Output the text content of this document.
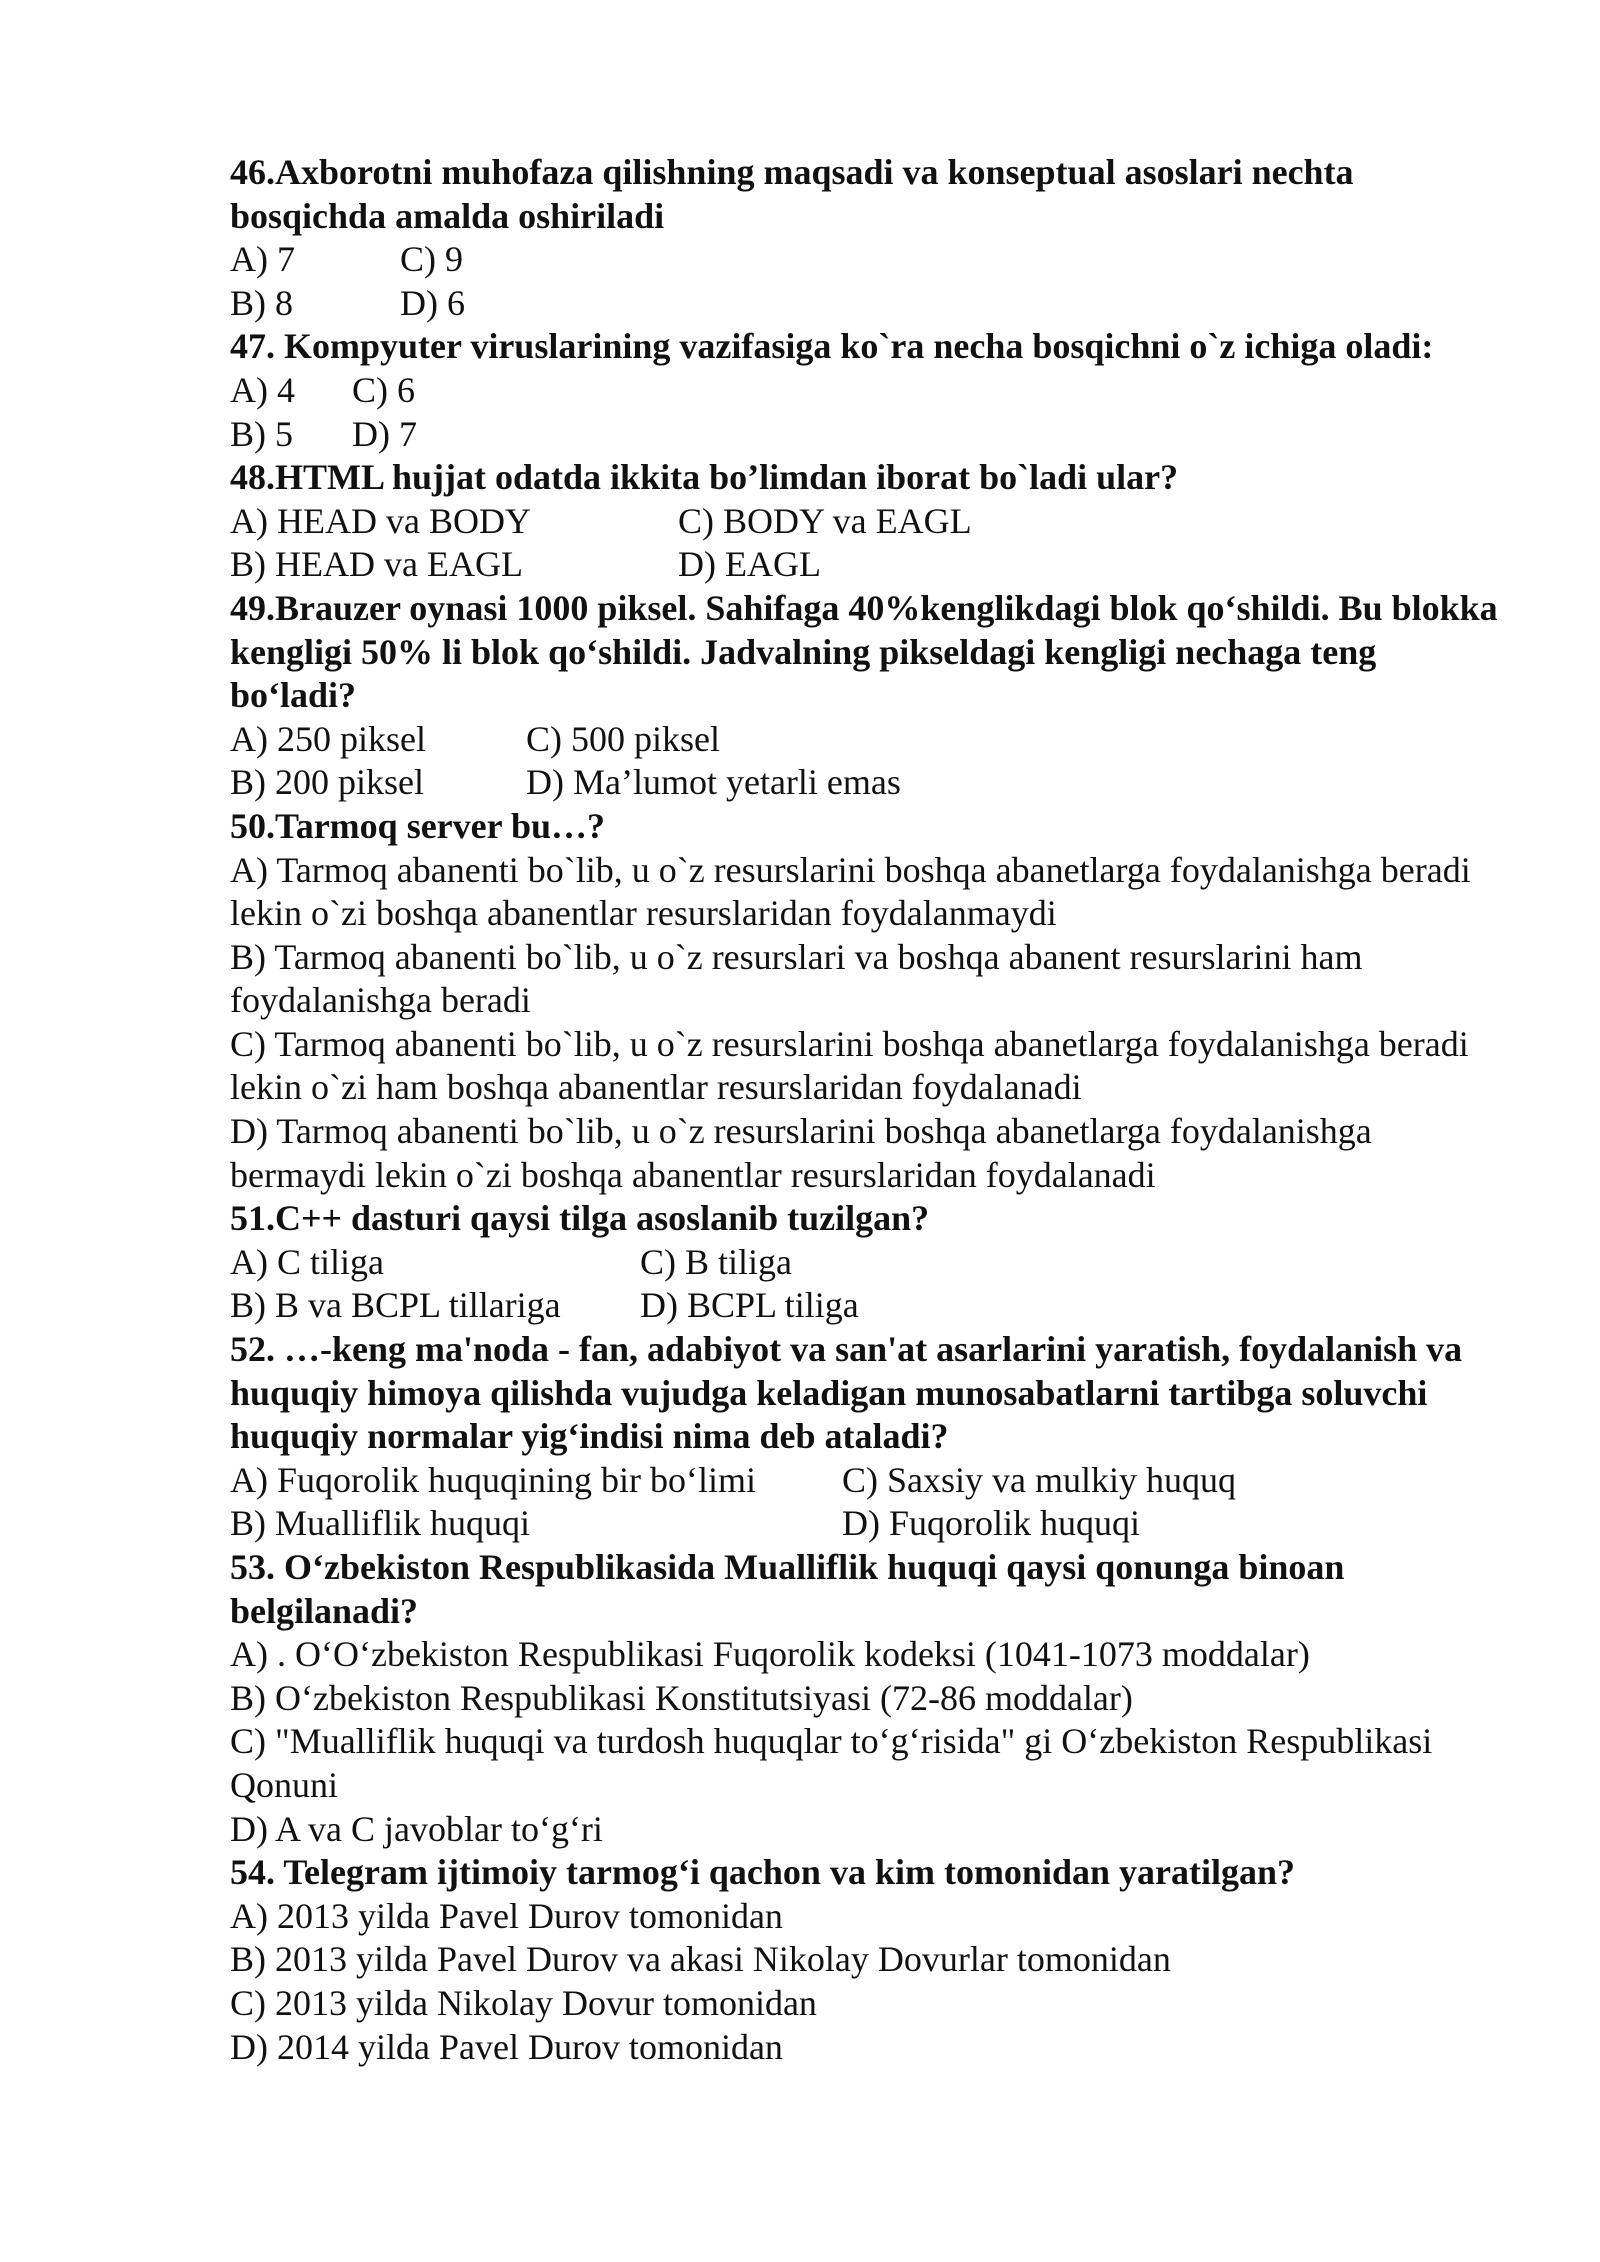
46.Axborotni muhofaza qilishning maqsadi va konseptual asoslari nechta bosqichda amalda oshiriladi

A) 7	C) 9
B) 8	D) 6

47. Kompyuter viruslarining vazifasiga ko`ra necha bosqichni o`z ichiga oladi:

A) 4	C) 6
B) 5	D) 7

48.HTML hujjat odatda ikkita bo’limdan iborat bo`ladi ular?

A) HEAD va BODY	C) BODY va EAGL
B) HEAD va EAGL	D) EAGL

49.Brauzer oynasi 1000 piksel. Sahifaga 40%kenglikdagi blok qo‘shildi. Bu blokka kengligi 50% li blok qo‘shildi. Jadvalning pikseldagi kengligi nechaga teng bo‘ladi?

A) 250 piksel	C) 500 piksel
B) 200 piksel	D) Ma’lumot yetarli emas

50.Tarmoq server bu…?

A) Tarmoq abanenti bo`lib, u o`z resurslarini boshqa abanetlarga foydalanishga beradi lekin o`zi boshqa abanentlar resurslaridan foydalanmaydi

B) Tarmoq abanenti bo`lib, u o`z resurslari va boshqa abanent resurslarini ham foydalanishga beradi

C) Tarmoq abanenti bo`lib, u o`z resurslarini boshqa abanetlarga foydalanishga beradi lekin o`zi ham boshqa abanentlar resurslaridan foydalanadi

D) Tarmoq abanenti bo`lib, u o`z resurslarini boshqa abanetlarga foydalanishga bermaydi lekin o`zi boshqa abanentlar resurslaridan foydalanadi

51.C++ dasturi qaysi tilga asoslanib tuzilgan?

A) C tiliga	C) B tiliga
B) B va BCPL tillariga	D) BCPL tiliga

52. …-keng ma'noda - fan, adabiyot va san'at asarlarini yaratish, foydalanish va huquqiy himoya qilishda vujudga keladigan munosabatlarni tartibga soluvchi huquqiy normalar yig‘indisi nima deb ataladi?

A) Fuqorolik huquqining bir bo‘limi	C) Saxsiy va mulkiy huquq
B) Mualliflik huquqi	D) Fuqorolik huquqi

53. O‘zbekiston Respublikasida Mualliflik huquqi qaysi qonunga binoan belgilanadi?

A) . O‘O‘zbekiston Respublikasi Fuqorolik kodeksi (1041-1073 moddalar)

B) O‘zbekiston Respublikasi Konstitutsiyasi (72-86 moddalar)

C) "Mualliflik huquqi va turdosh huquqlar to‘g‘risida" gi O‘zbekiston Respublikasi Qonuni

D) A va C javoblar to‘g‘ri

54. Telegram ijtimoiy tarmog‘i qachon va kim tomonidan yaratilgan?

A) 2013 yilda Pavel Durov tomonidan

B) 2013 yilda Pavel Durov va akasi Nikolay Dovurlar tomonidan

C) 2013 yilda Nikolay Dovur tomonidan

D) 2014 yilda Pavel Durov tomonidan
